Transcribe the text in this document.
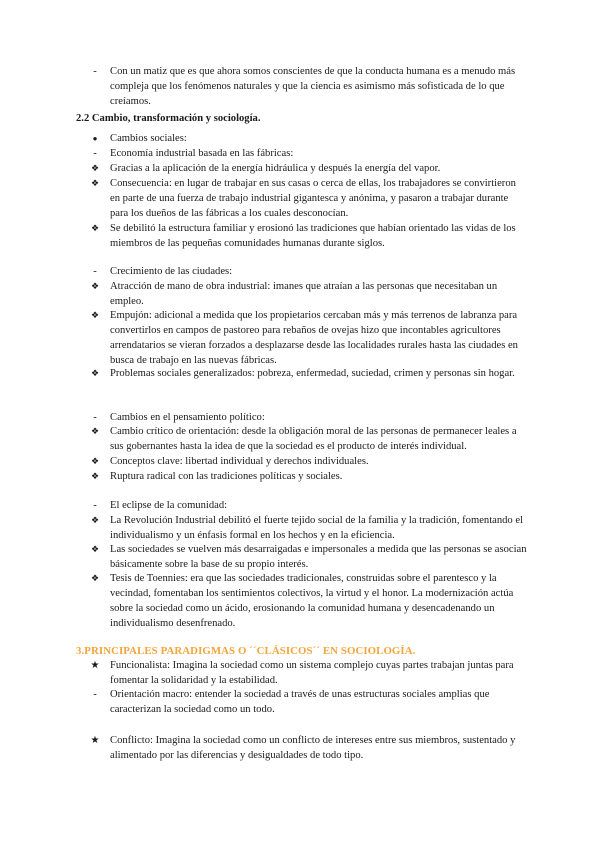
-	Con un matiz que es que ahora somos conscientes de que la conducta humana es a menudo más compleja que los fenómenos naturales y que la ciencia es asimismo más sofisticada de lo que creíamos.
2.2 Cambio, transformación y sociología.
●	Cambios sociales:
-	Economía industrial basada en las fábricas:
❖ Gracias a la aplicación de la energía hidráulica y después la energía del vapor.
❖ Consecuencia: en lugar de trabajar en sus casas o cerca de ellas, los trabajadores se convirtieron en parte de una fuerza de trabajo industrial gigantesca y anónima, y pasaron a trabajar durante para los dueños de las fábricas a los cuales desconocían.
❖ Se debilitó la estructura familiar y erosionó las tradiciones que habían orientado las vidas de los miembros de las pequeñas comunidades humanas durante siglos.
-	Crecimiento de las ciudades:
❖ Atracción de mano de obra industrial: imanes que atraían a las personas que necesitaban un empleo.
❖ Empujón: adicional a medida que los propietarios cercaban más y más terrenos de labranza para convertirlos en campos de pastoreo para rebaños de ovejas hizo que incontables agricultores arrendatarios se vieran forzados a desplazarse desde las localidades rurales hasta las ciudades en busca de trabajo en las nuevas fábricas.
❖ Problemas sociales generalizados: pobreza, enfermedad, suciedad, crimen y personas sin hogar.
-	Cambios en el pensamiento político:
❖ Cambio crítico de orientación: desde la obligación moral de las personas de permanecer leales a sus gobernantes hasta la idea de que la sociedad es el producto de interés individual.
❖ Conceptos clave: libertad individual y derechos individuales.
❖ Ruptura radical con las tradiciones políticas y sociales.
-	El eclipse de la comunidad:
❖ La Revolución Industrial debilitó el fuerte tejido social de la familia y la tradición, fomentando el individualismo y un énfasis formal en los hechos y en la eficiencia.
❖ Las sociedades se vuelven más desarraigadas e impersonales a medida que las personas se asocian básicamente sobre la base de su propio interés.
❖ Tesis de Toennies: era que las sociedades tradicionales, construidas sobre el parentesco y la vecindad, fomentaban los sentimientos colectivos, la virtud y el honor. La modernización actúa sobre la sociedad como un ácido, erosionando la comunidad humana y desencadenando un individualismo desenfrenado.
3.PRINCIPALES PARADIGMAS O ´´CLÁSICOS´´ EN SOCIOLOGÍA.
★ Funcionalista: Imagina la sociedad como un sistema complejo cuyas partes trabajan juntas para fomentar la solidaridad y la estabilidad.
-	Orientación macro: entender la sociedad a través de unas estructuras sociales amplias que caracterizan la sociedad como un todo.
★ Conflicto: Imagina la sociedad como un conflicto de intereses entre sus miembros, sustentado y alimentado por las diferencias y desigualdades de todo tipo.
